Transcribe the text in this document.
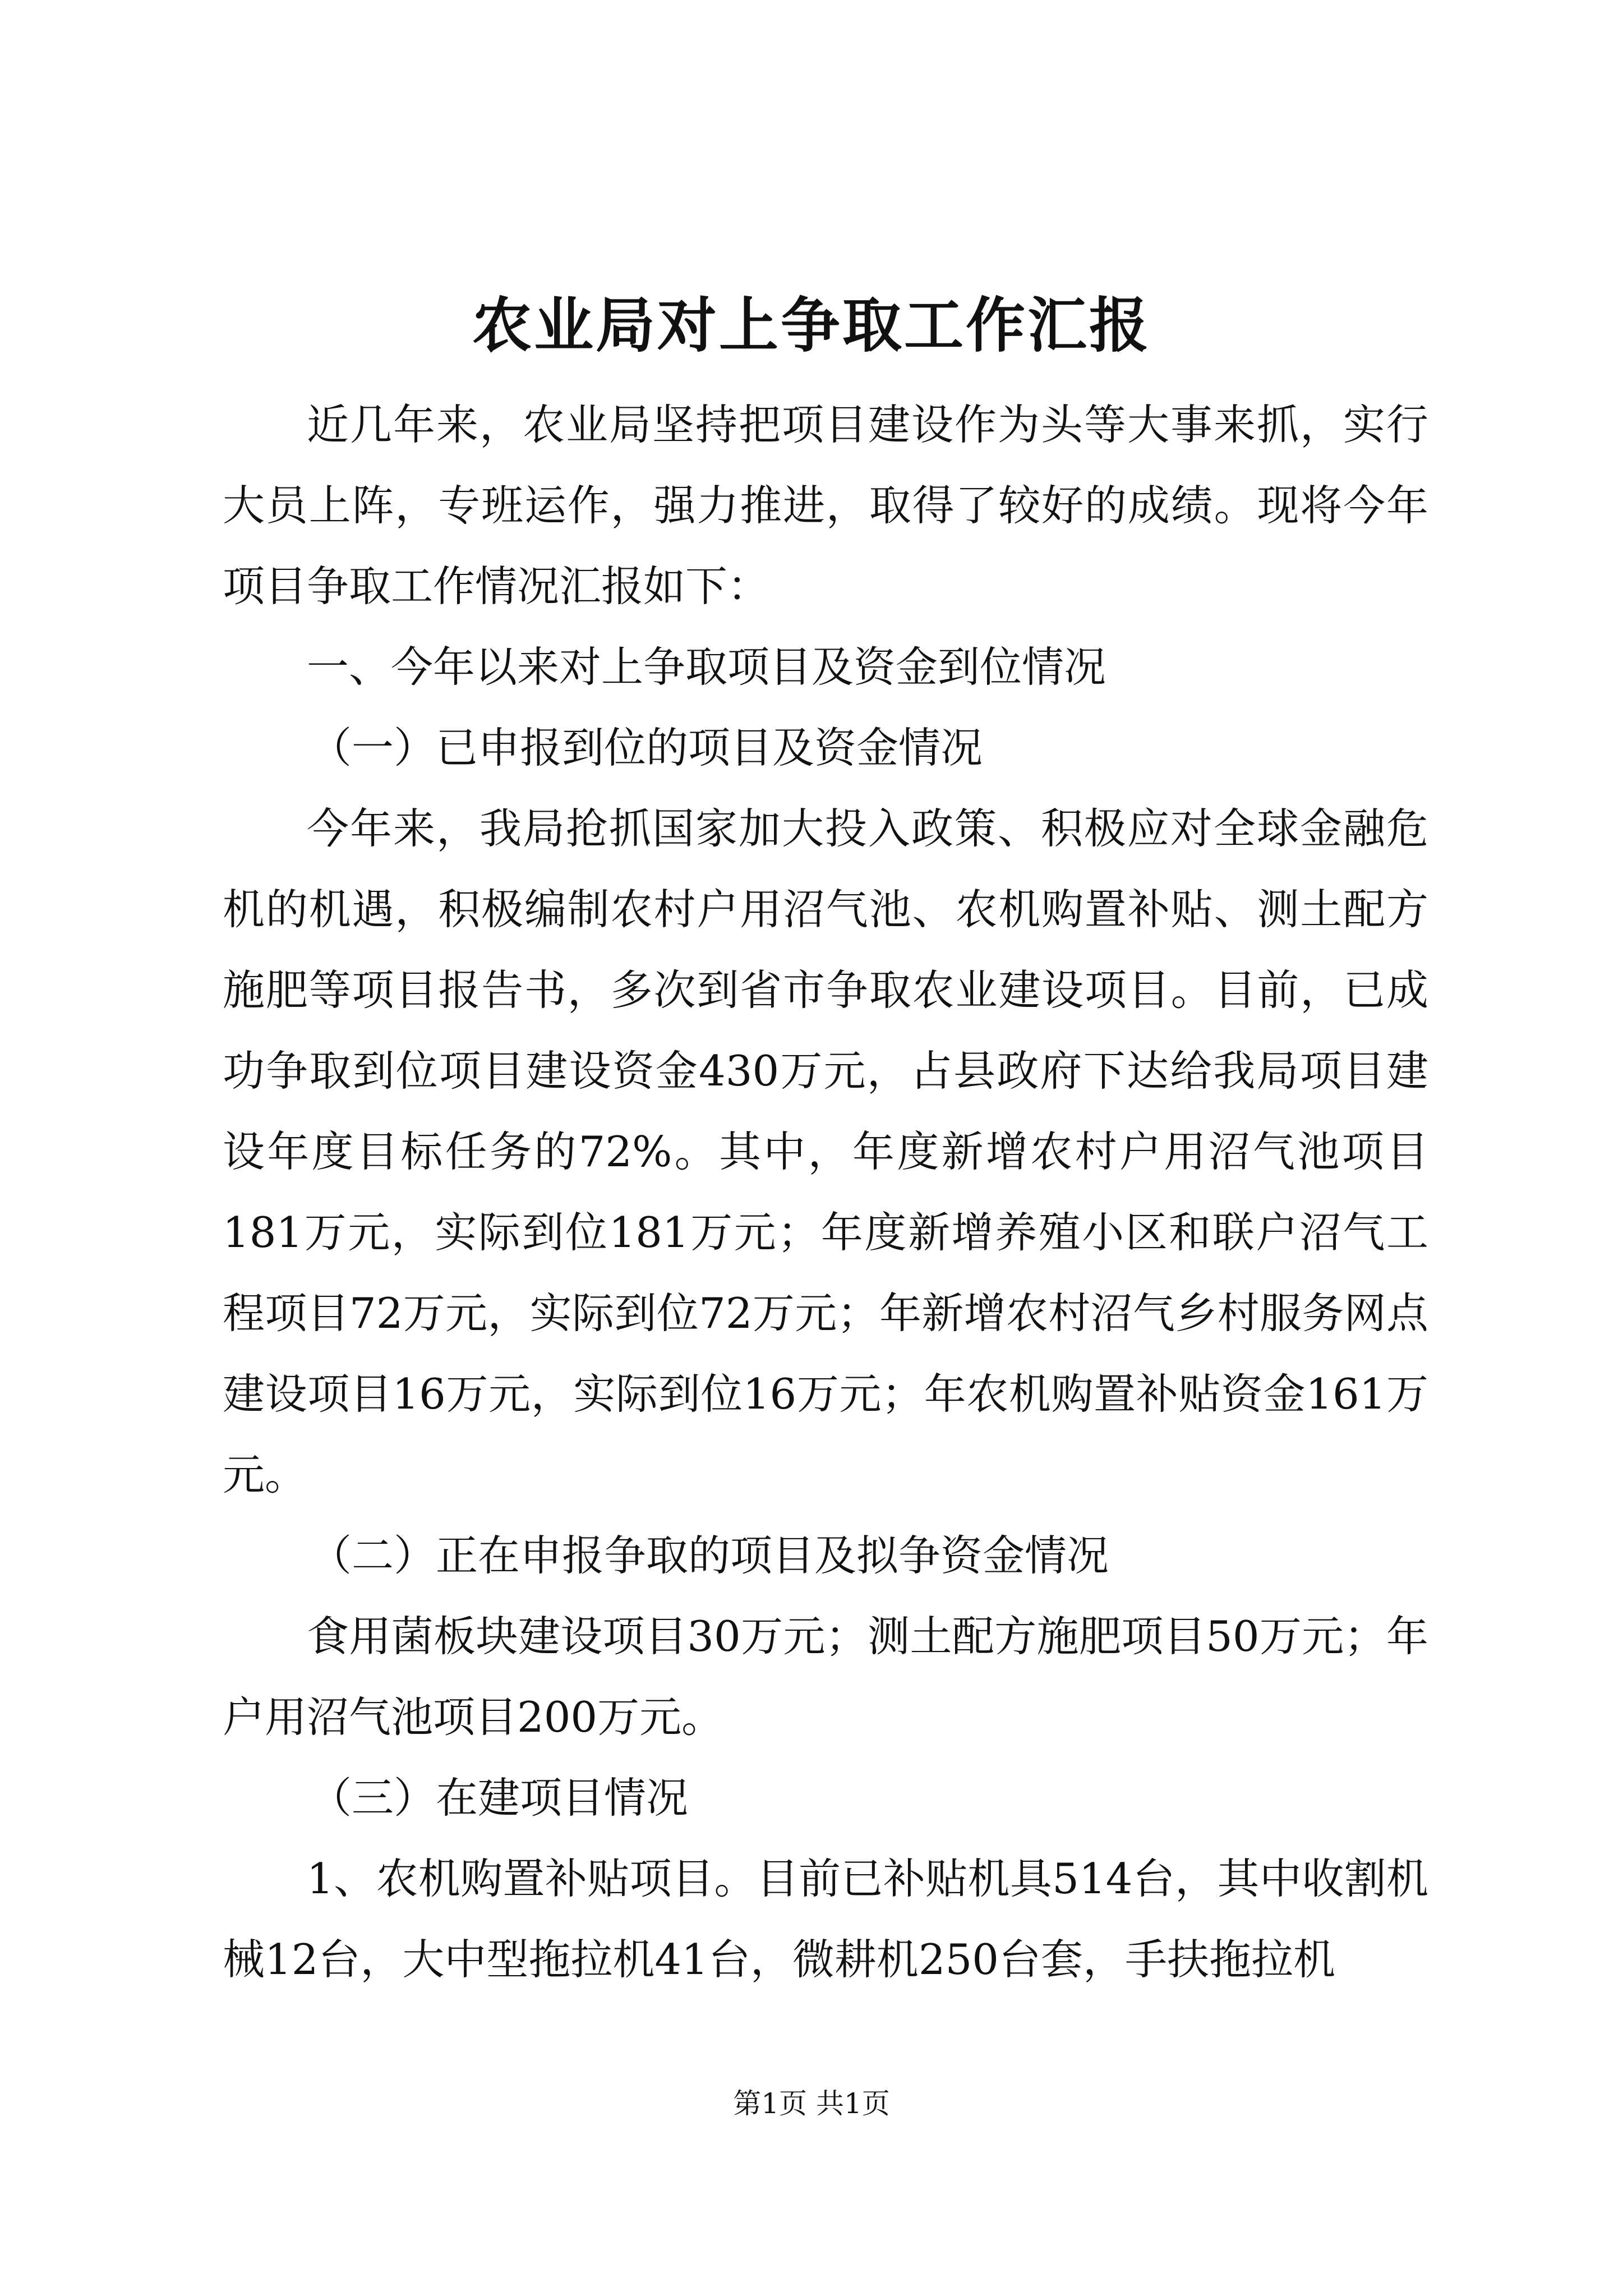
农业局对上争取工作汇报

近几年来，农业局坚持把项目建设作为头等大事来抓，实行大员上阵，专班运作，强力推进，取得了较好的成绩。现将今年项目争取工作情况汇报如下：

一、今年以来对上争取项目及资金到位情况

（一）已申报到位的项目及资金情况

今年来，我局抢抓国家加大投入政策、积极应对全球金融危机的机遇，积极编制农村户用沼气池、农机购置补贴、测土配方施肥等项目报告书，多次到省市争取农业建设项目。目前，已成功争取到位项目建设资金430万元，占县政府下达给我局项目建设年度目标任务的72%。其中，年度新增农村户用沼气池项目181万元，实际到位181万元；年度新增养殖小区和联户沼气工程项目72万元，实际到位72万元；年新增农村沼气乡村服务网点建设项目16万元，实际到位16万元；年农机购置补贴资金161万元。

（二）正在申报争取的项目及拟争资金情况

食用菌板块建设项目30万元；测土配方施肥项目50万元；年户用沼气池项目200万元。

（三）在建项目情况

1、农机购置补贴项目。目前已补贴机具514台，其中收割机械12台，大中型拖拉机41台，微耕机250台套，手扶拖拉机

第1页 共1页
